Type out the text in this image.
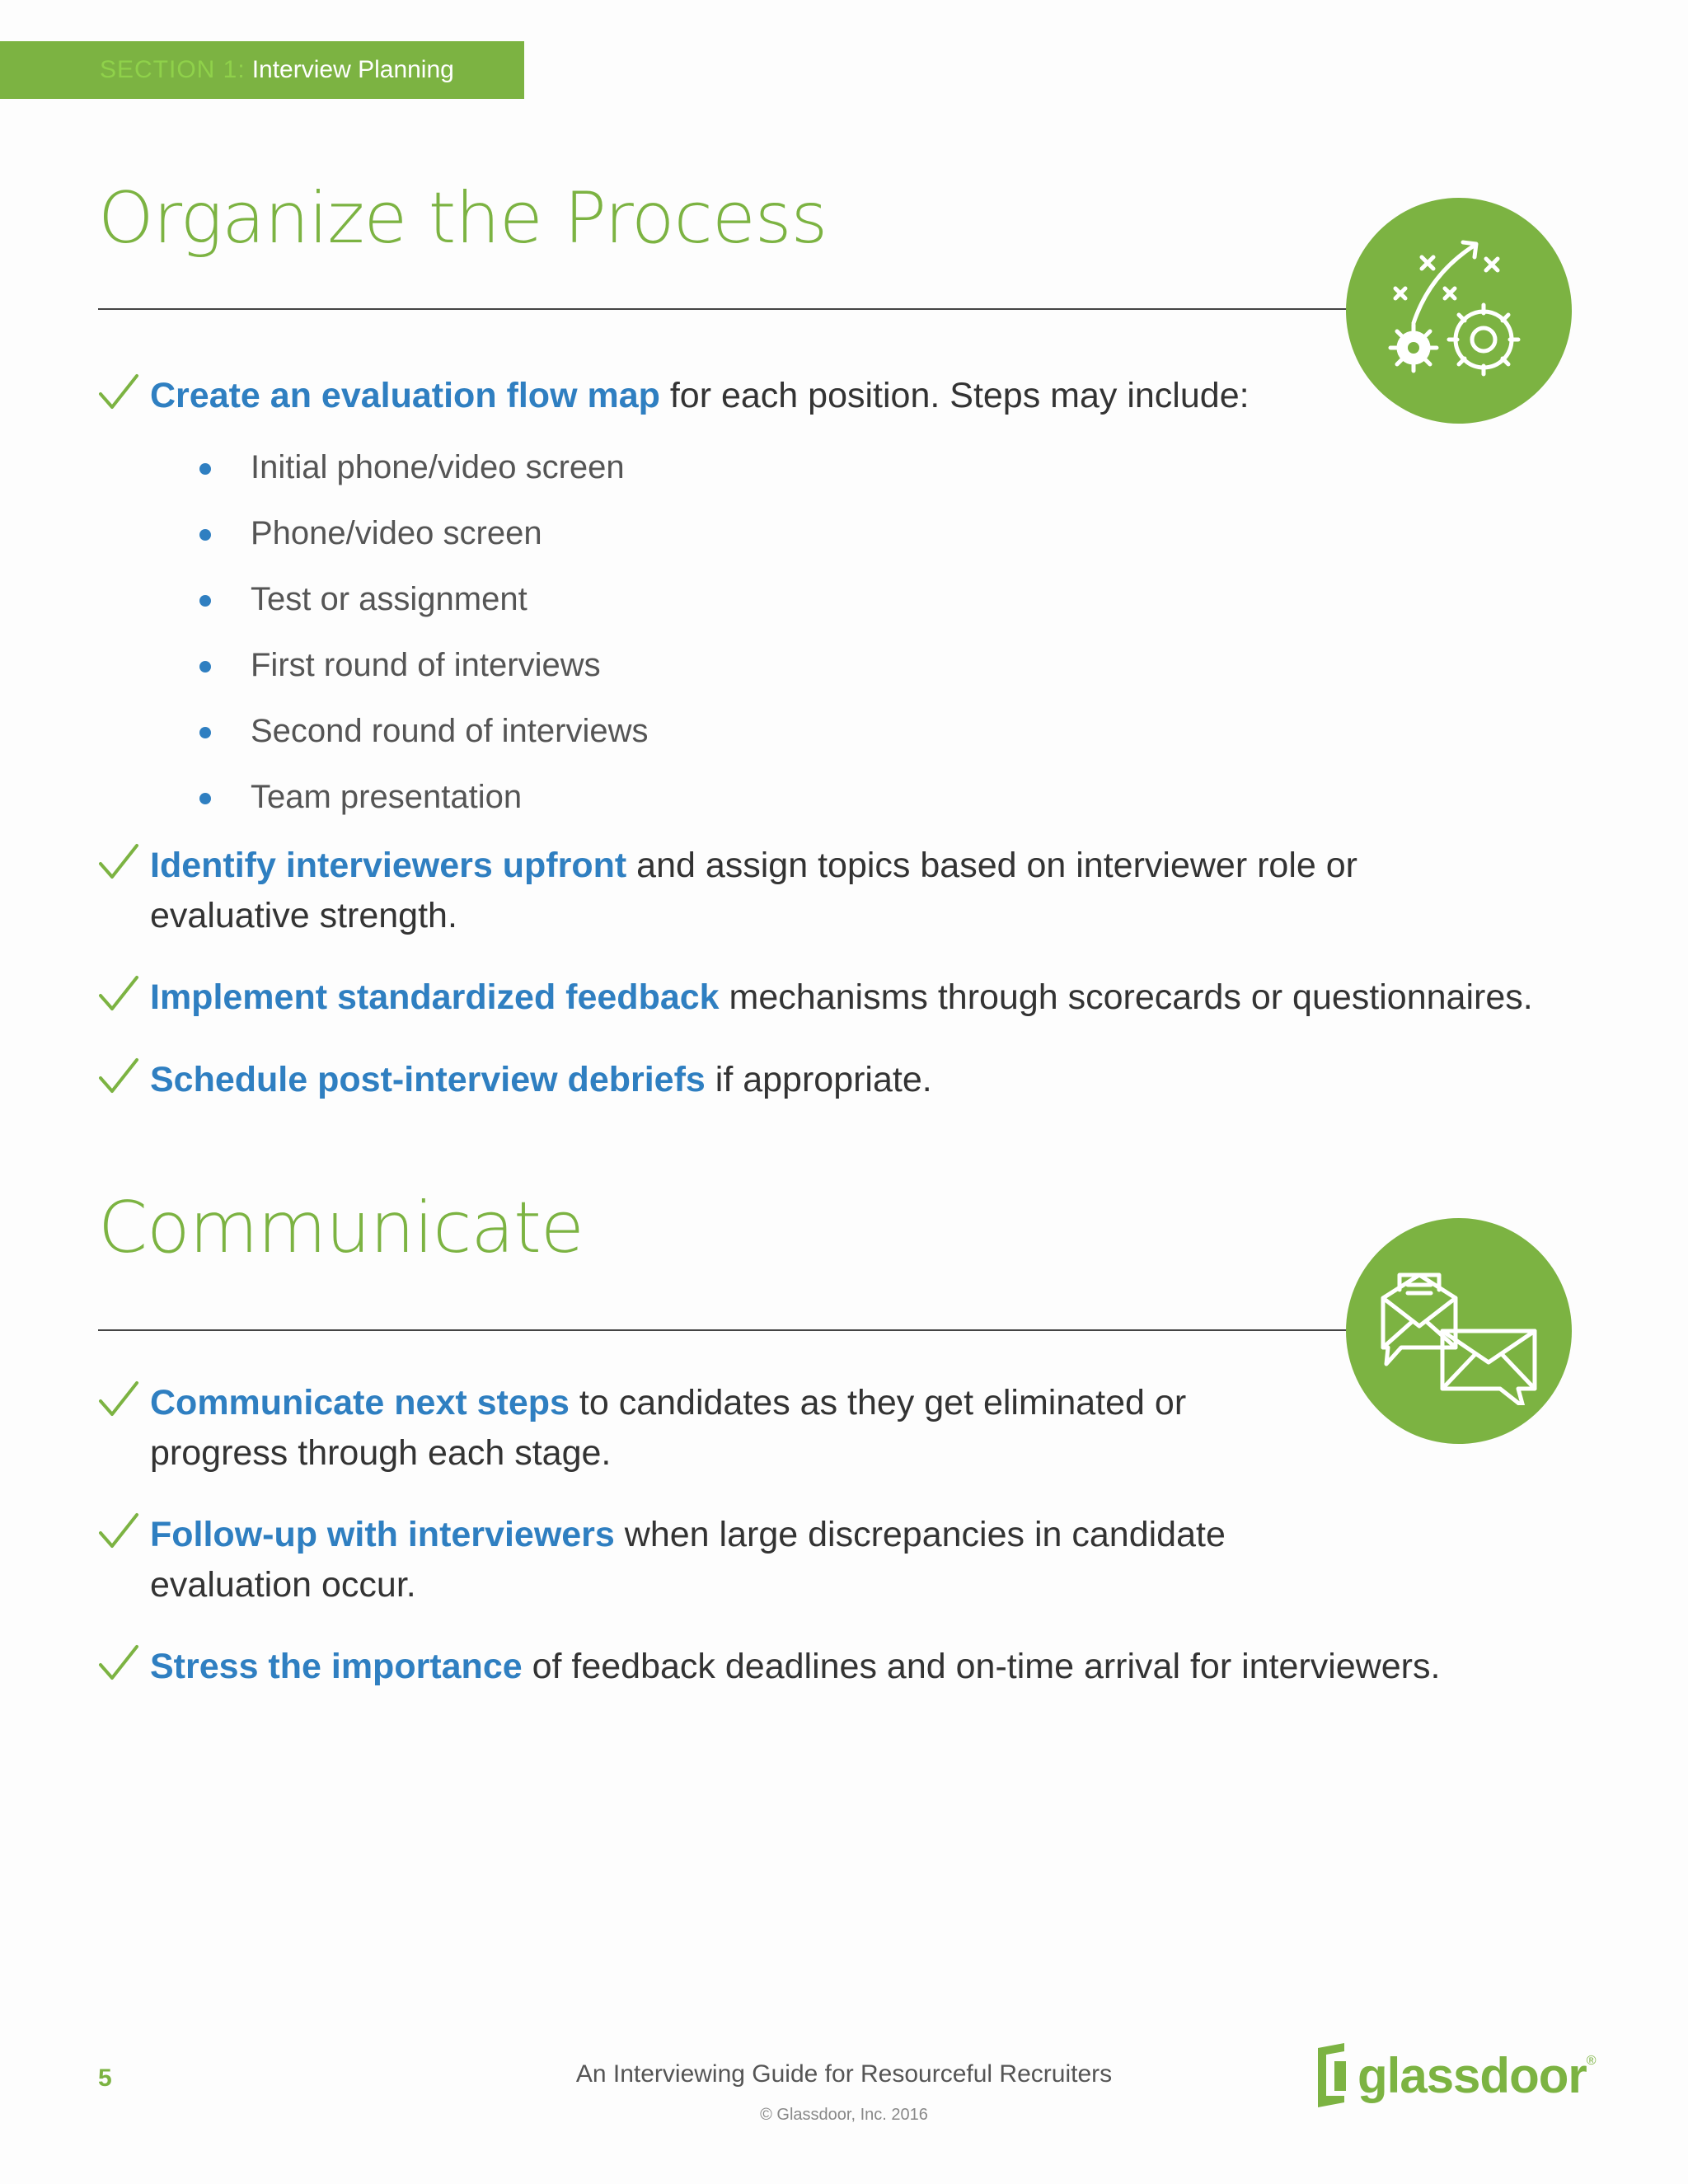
SECTION 1: Interview Planning
Organize the Process
Create an evaluation flow map for each position. Steps may include:
Initial phone/video screen
Phone/video screen
Test or assignment
First round of interviews
Second round of interviews
Team presentation
Identify interviewers upfront and assign topics based on interviewer role or evaluative strength.
Implement standardized feedback mechanisms through scorecards or questionnaires.
Schedule post-interview debriefs if appropriate.
Communicate
Communicate next steps to candidates as they get eliminated or progress through each stage.
Follow-up with interviewers when large discrepancies in candidate evaluation occur.
Stress the importance of feedback deadlines and on-time arrival for interviewers.
5	An Interviewing Guide for Resourceful Recruiters
© Glassdoor, Inc. 2016
glassdoor ®
